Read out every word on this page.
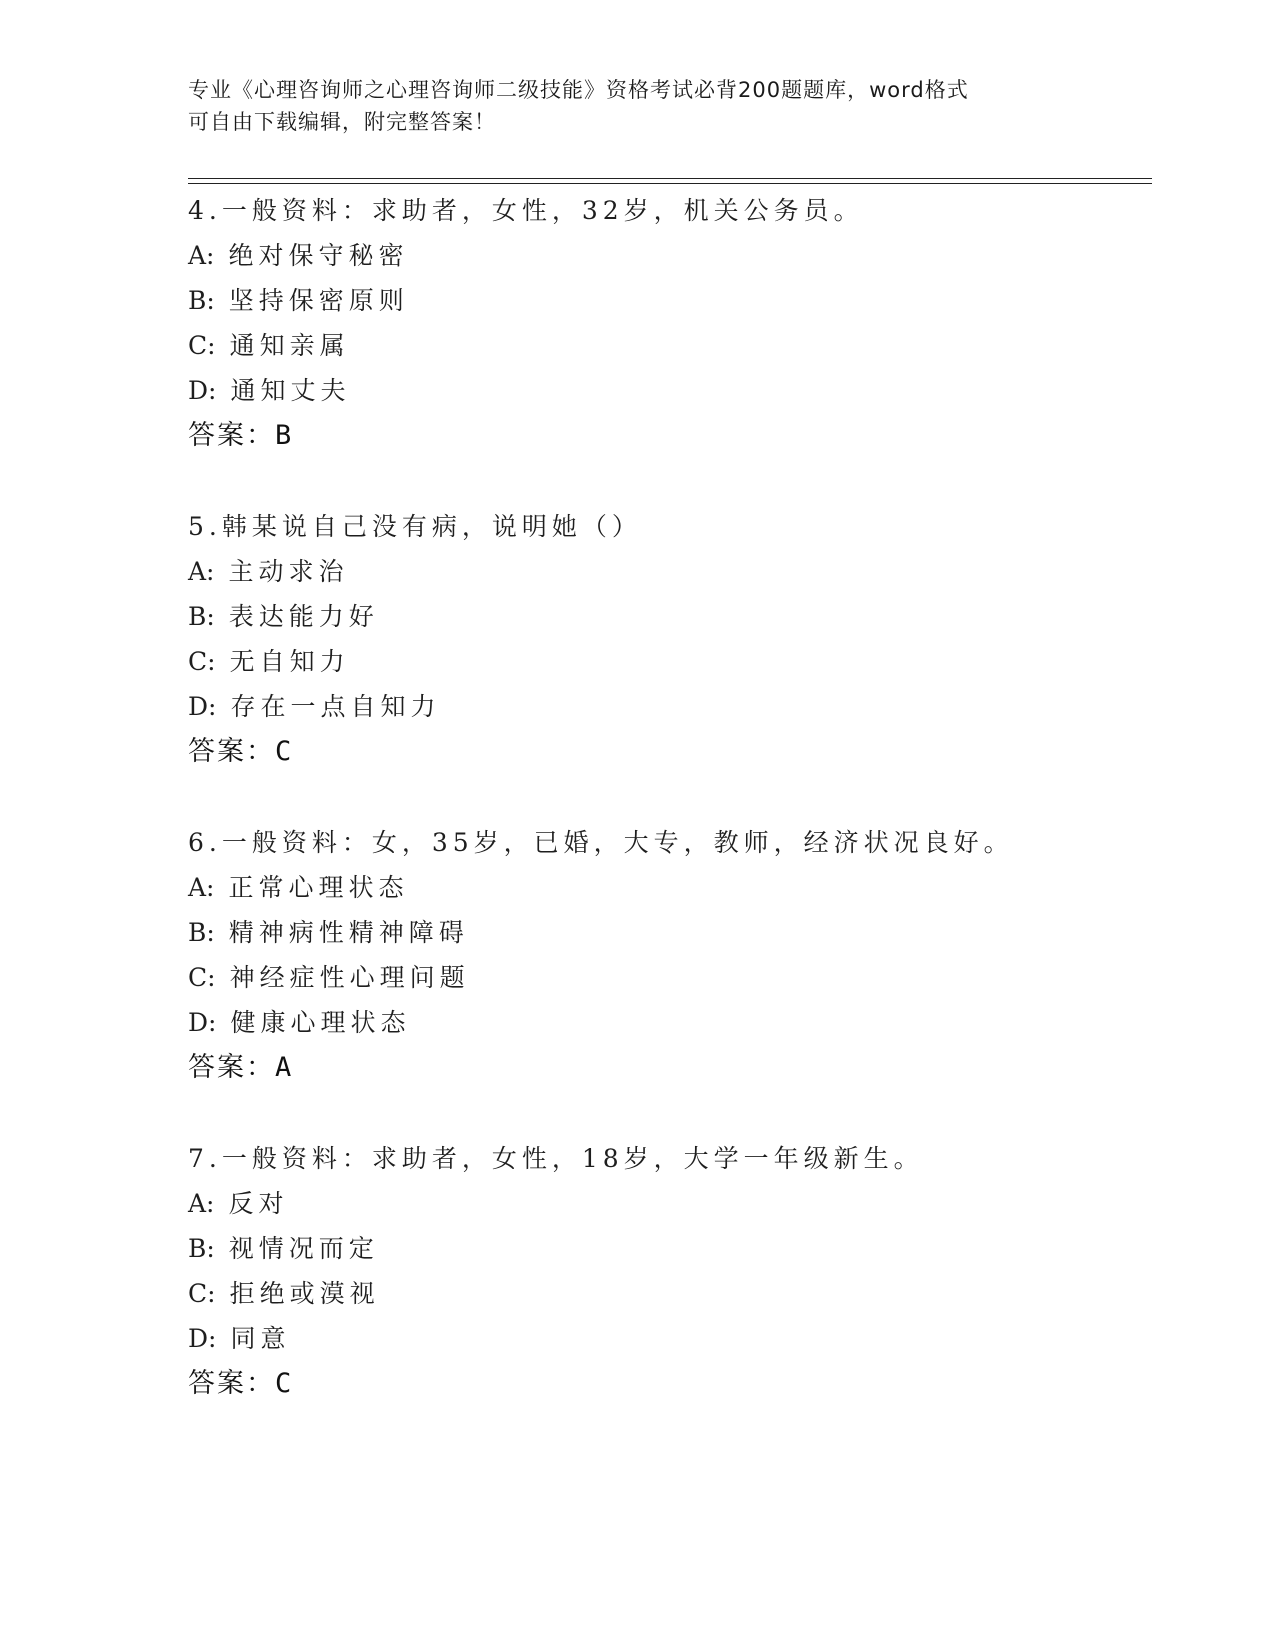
专业《心理咨询师之心理咨询师二级技能》资格考试必背200题题库，word格式
可自由下载编辑，附完整答案！
4.一般资料：求助者，女性，32岁，机关公务员。
A: 绝对保守秘密
B: 坚持保密原则
C: 通知亲属
D: 通知丈夫
答案：B
5.韩某说自己没有病，说明她（）
A: 主动求治
B: 表达能力好
C: 无自知力
D: 存在一点自知力
答案：C
6.一般资料：女，35岁，已婚，大专，教师，经济状况良好。
A: 正常心理状态
B: 精神病性精神障碍
C: 神经症性心理问题
D: 健康心理状态
答案：A
7.一般资料：求助者，女性，18岁，大学一年级新生。
A: 反对
B: 视情况而定
C: 拒绝或漠视
D: 同意
答案：C
